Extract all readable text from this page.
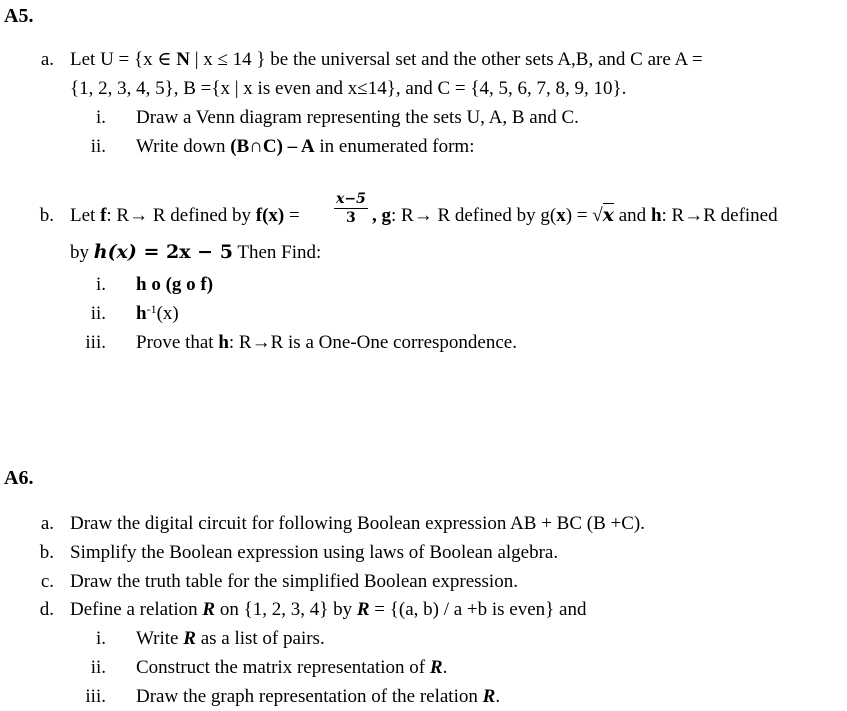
A5.
a. Let U = {x ∈ N | x ≤ 14 } be the universal set and the other sets A,B, and C are A =
{1, 2, 3, 4, 5}, B ={x | x is even and x≤14}, and C = {4, 5, 6, 7, 8, 9, 10}.
i. Draw a Venn diagram representing the sets U, A, B and C.
ii. Write down (B∩C) – A in enumerated form:
b. Let f: R→ R defined by f(x) =
x−5
3 , g: R→ R defined by g(x) = √x and h: R→R defined
by h(x) = 2x − 5 Then Find:
i. h o (g o f)
ii. $h^{-1}(x)$
iii. Prove that h: R→R is a One-One correspondence.
A6.
a. Draw the digital circuit for following Boolean expression AB + BC (B +C).
b. Simplify the Boolean expression using laws of Boolean algebra.
c. Draw the truth table for the simplified Boolean expression.
d. Define a relation R on {1, 2, 3, 4} by R = {(a, b) / a +b is even} and
i. Write R as a list of pairs.
ii. Construct the matrix representation of R.
iii. Draw the graph representation of the relation R.
